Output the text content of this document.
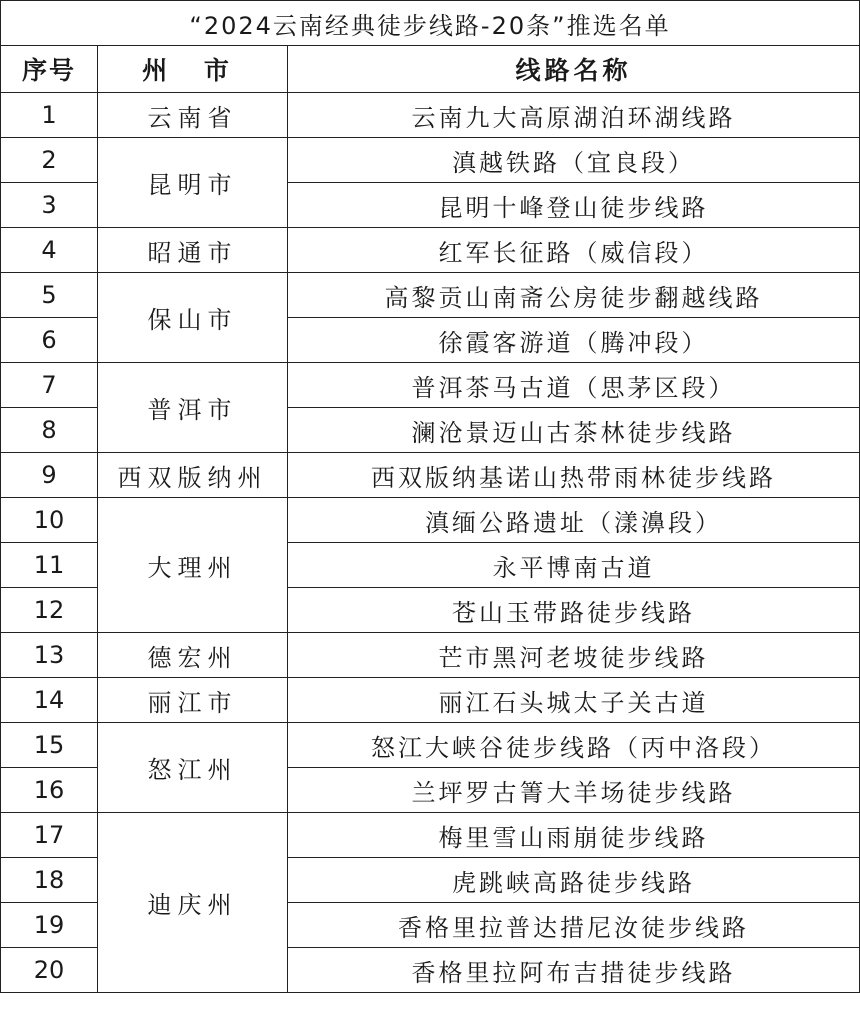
“2024云南经典徒步线路-20条”推选名单		
序号	州 市	线路名称
1	云南省	云南九大高原湖泊环湖线路
2	昆明市	滇越铁路（宜良段）
3		昆明十峰登山徒步线路
4	昭通市	红军长征路（威信段）
5	保山市	高黎贡山南斋公房徒步翻越线路
6		徐霞客游道（腾冲段）
7	普洱市	普洱茶马古道（思茅区段）
8		澜沧景迈山古茶林徒步线路
9	西双版纳州	西双版纳基诺山热带雨林徒步线路
10	大理州	滇缅公路遗址（漾濞段）
11		永平博南古道
12		苍山玉带路徒步线路
13	德宏州	芒市黑河老坡徒步线路
14	丽江市	丽江石头城太子关古道
15	怒江州	怒江大峡谷徒步线路（丙中洛段）
16		兰坪罗古箐大羊场徒步线路
17	迪庆州	梅里雪山雨崩徒步线路
18		虎跳峡高路徒步线路
19		香格里拉普达措尼汝徒步线路
20		香格里拉阿布吉措徒步线路
